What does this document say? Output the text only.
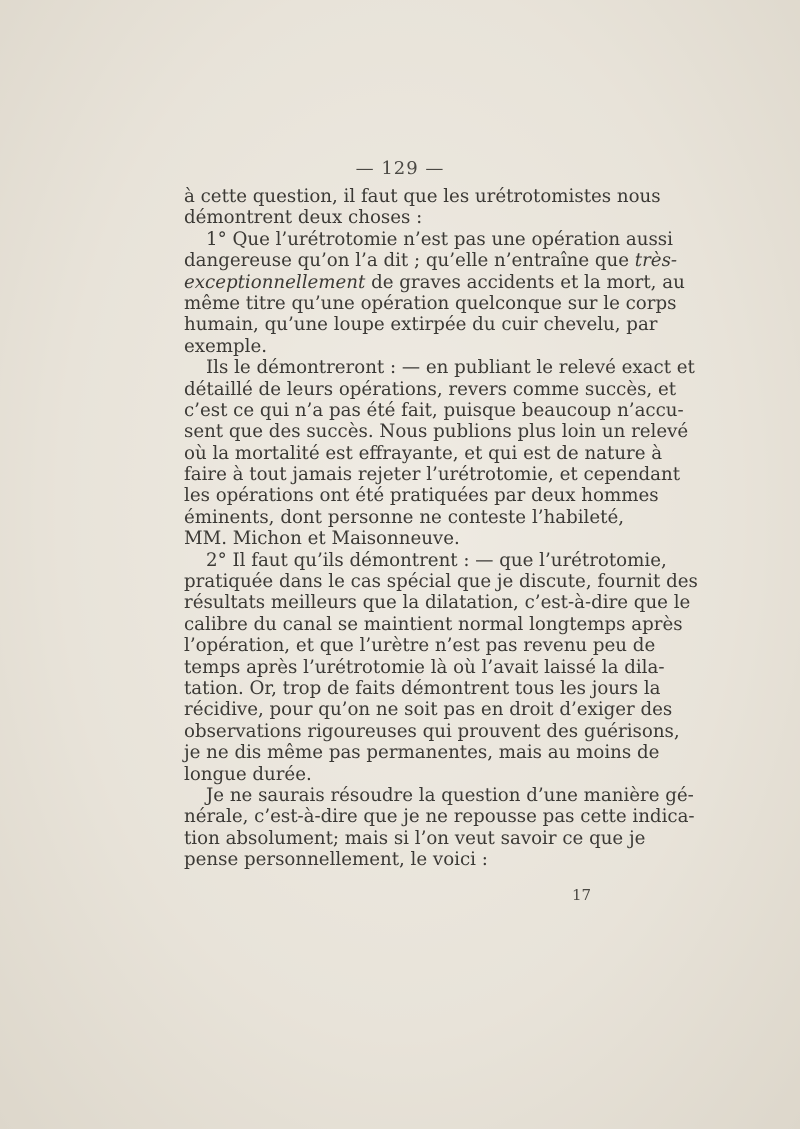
— 129 —
à cette question, il faut que les urétrotomistes nous
démontrent deux choses :
1° Que l’urétrotomie n’est pas une opération aussi
dangereuse qu’on l’a dit ; qu’elle n’entraîne que très-
exceptionnellement de graves accidents et la mort, au
même titre qu’une opération quelconque sur le corps
humain, qu’une loupe extirpée du cuir chevelu, par
exemple.
Ils le démontreront : — en publiant le relevé exact et
détaillé de leurs opérations, revers comme succès, et
c’est ce qui n’a pas été fait, puisque beaucoup n’accu-
sent que des succès. Nous publions plus loin un relevé
où la mortalité est effrayante, et qui est de nature à
faire à tout jamais rejeter l’urétrotomie, et cependant
les opérations ont été pratiquées par deux hommes
éminents, dont personne ne conteste l’habileté,
MM. Michon et Maisonneuve.
2° Il faut qu’ils démontrent : — que l’urétrotomie,
pratiquée dans le cas spécial que je discute, fournit des
résultats meilleurs que la dilatation, c’est-à-dire que le
calibre du canal se maintient normal longtemps après
l’opération, et que l’urètre n’est pas revenu peu de
temps après l’urétrotomie là où l’avait laissé la dila-
tation. Or, trop de faits démontrent tous les jours la
récidive, pour qu’on ne soit pas en droit d’exiger des
observations rigoureuses qui prouvent des guérisons,
je ne dis même pas permanentes, mais au moins de
longue durée.
Je ne saurais résoudre la question d’une manière gé-
nérale, c’est-à-dire que je ne repousse pas cette indica-
tion absolument; mais si l’on veut savoir ce que je
pense personnellement, le voici :
17
